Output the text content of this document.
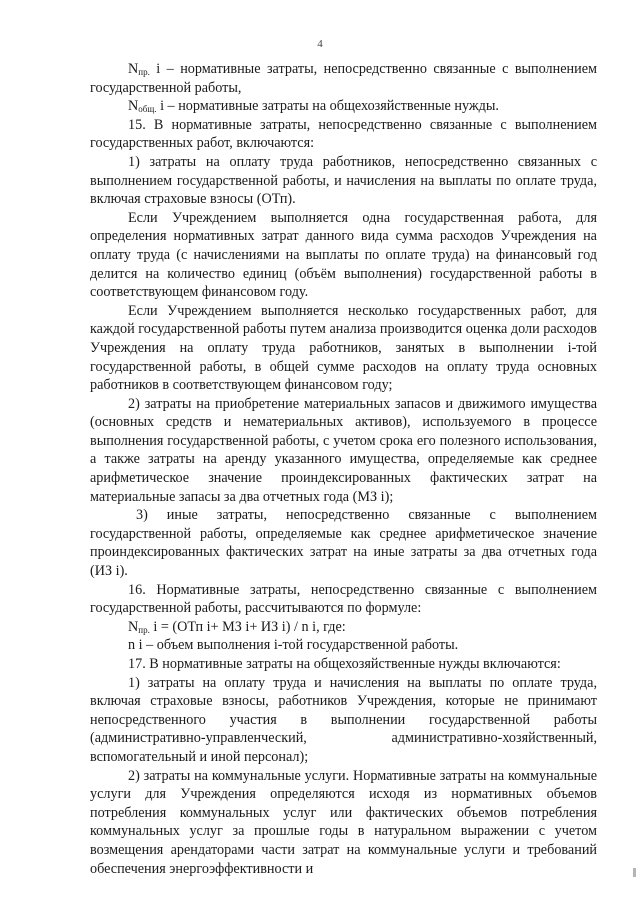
4

$N_{пр.}$ i – нормативные затраты, непосредственно связанные с выполнением государственной работы,

$N_{общ.}$ i – нормативные затраты на общехозяйственные нужды.

15. В нормативные затраты, непосредственно связанные с выполнением государственных работ, включаются:

1) затраты на оплату труда работников, непосредственно связанных с выполнением государственной работы, и начисления на выплаты по оплате труда, включая страховые взносы (ОТп).

Если Учреждением выполняется одна государственная работа, для определения нормативных затрат данного вида сумма расходов Учреждения на оплату труда (с начислениями на выплаты по оплате труда) на финансовый год делится на количество единиц (объём выполнения) государственной работы в соответствующем финансовом году.

Если Учреждением выполняется несколько государственных работ, для каждой государственной работы путем анализа производится оценка доли расходов Учреждения на оплату труда работников, занятых в выполнении i-той государственной работы, в общей сумме расходов на оплату труда основных работников в соответствующем финансовом году;

2) затраты на приобретение материальных запасов и движимого имущества (основных средств и нематериальных активов), используемого в процессе выполнения государственной работы, с учетом срока его полезного использования, а также затраты на аренду указанного имущества, определяемые как среднее арифметическое значение проиндексированных фактических затрат на материальные запасы за два отчетных года (МЗ i);

3) иные затраты, непосредственно связанные с выполнением государственной работы, определяемые как среднее арифметическое значение проиндексированных фактических затрат на иные затраты за два отчетных года (ИЗ i).

16. Нормативные затраты, непосредственно связанные с выполнением государственной работы, рассчитываются по формуле:

$N_{пр.}$ i = (ОТп i+ МЗ i+ ИЗ i) / n i, где:

n i – объем выполнения i-той государственной работы.

17. В нормативные затраты на общехозяйственные нужды включаются:

1) затраты на оплату труда и начисления на выплаты по оплате труда, включая страховые взносы, работников Учреждения, которые не принимают непосредственного участия в выполнении государственной работы (административно-управленческий, административно-хозяйственный, вспомогательный и иной персонал);

2) затраты на коммунальные услуги. Нормативные затраты на коммунальные услуги для Учреждения определяются исходя из нормативных объемов потребления коммунальных услуг или фактических объемов потребления коммунальных услуг за прошлые годы в натуральном выражении с учетом возмещения арендаторами части затрат на коммунальные услуги и требований обеспечения энергоэффективности и
